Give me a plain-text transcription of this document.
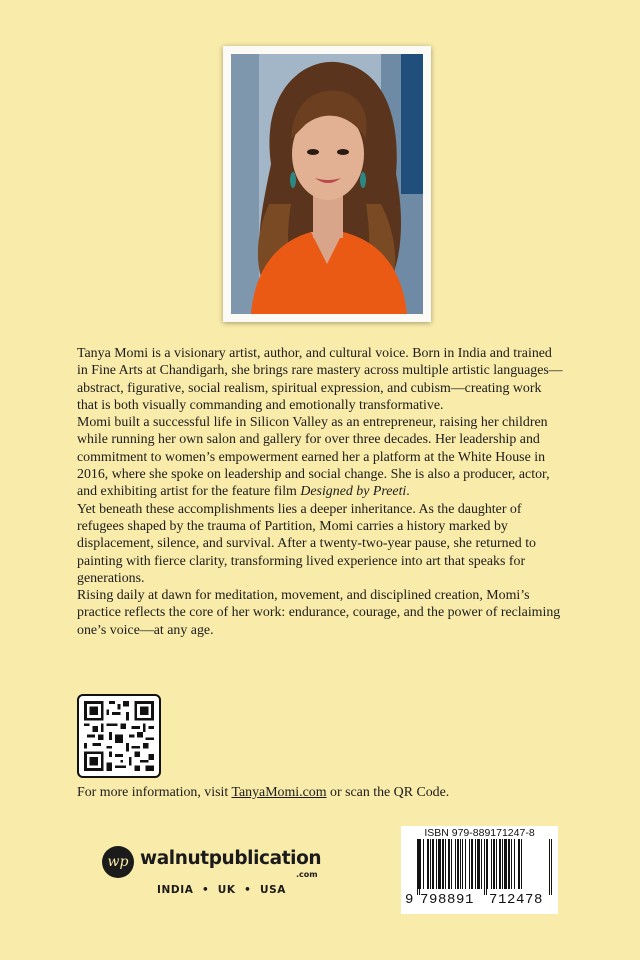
Tanya Momi is a visionary artist, author, and cultural voice. Born in India and trained in Fine Arts at Chandigarh, she brings rare mastery across multiple artistic languages—abstract, figurative, social realism, spiritual expression, and cubism—creating work that is both visually commanding and emotionally transformative.

Momi built a successful life in Silicon Valley as an entrepreneur, raising her children while running her own salon and gallery for over three decades. Her leadership and commitment to women’s empowerment earned her a platform at the White House in 2016, where she spoke on leadership and social change. She is also a producer, actor, and exhibiting artist for the feature film Designed by Preeti.

Yet beneath these accomplishments lies a deeper inheritance. As the daughter of refugees shaped by the trauma of Partition, Momi carries a history marked by displacement, silence, and survival. After a twenty-two-year pause, she returned to painting with fierce clarity, transforming lived experience into art that speaks for generations.

Rising daily at dawn for meditation, movement, and disciplined creation, Momi’s practice reflects the core of her work: endurance, courage, and the power of reclaiming one’s voice—at any age.

For more information, visit TanyaMomi.com or scan the QR Code.

wp walnutpublication
.com
INDIA  •  UK  •  USA
ISBN 979-889171247-8
9 798891 712478
